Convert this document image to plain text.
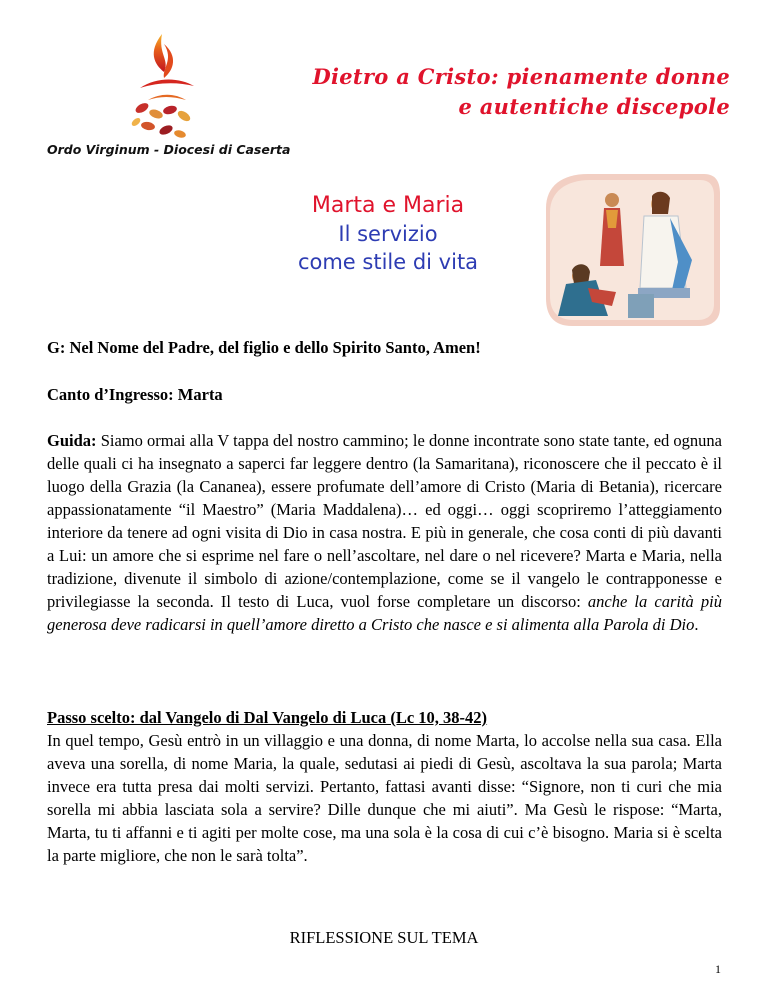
Dietro a Cristo: pienamente donne
e autentiche discepole
Ordo Virginum - Diocesi di Caserta
Marta e Maria
Il servizio
come stile di vita
G: Nel Nome del Padre, del figlio e dello Spirito Santo, Amen!
Canto d’Ingresso: Marta
Guida: Siamo ormai alla V tappa del nostro cammino; le donne incontrate sono state tante, ed ognuna delle quali ci ha insegnato a saperci far leggere dentro (la Samaritana), riconoscere che il peccato è il luogo della Grazia (la Cananea), essere profumate dell’amore di Cristo (Maria di Betania), ricercare appassionatamente “il Maestro” (Maria Maddalena)… ed oggi… oggi scopriremo l’atteggiamento interiore da tenere ad ogni visita di Dio in casa nostra. E più in generale, che cosa conti di più davanti a Lui: un amore che si esprime nel fare o nell’ascoltare, nel dare o nel ricevere? Marta e Maria, nella tradizione, divenute il simbolo di azione/contemplazione, come se il vangelo le contrapponesse e privilegiasse la seconda. Il testo di Luca, vuol forse completare un discorso: anche la carità più generosa deve radicarsi in quell’amore diretto a Cristo che nasce e si alimenta alla Parola di Dio.
Passo scelto: dal Vangelo di Dal Vangelo di Luca (Lc 10, 38-42)
In quel tempo, Gesù entrò in un villaggio e una donna, di nome Marta, lo accolse nella sua casa. Ella aveva una sorella, di nome Maria, la quale, sedutasi ai piedi di Gesù, ascoltava la sua parola; Marta invece era tutta presa dai molti servizi. Pertanto, fattasi avanti disse: “Signore, non ti curi che mia sorella mi abbia lasciata sola a servire? Dille dunque che mi aiuti”. Ma Gesù le rispose: “Marta, Marta, tu ti affanni e ti agiti per molte cose, ma una sola è la cosa di cui c’è bisogno. Maria si è scelta la parte migliore, che non le sarà tolta”.
RIFLESSIONE SUL TEMA
1
